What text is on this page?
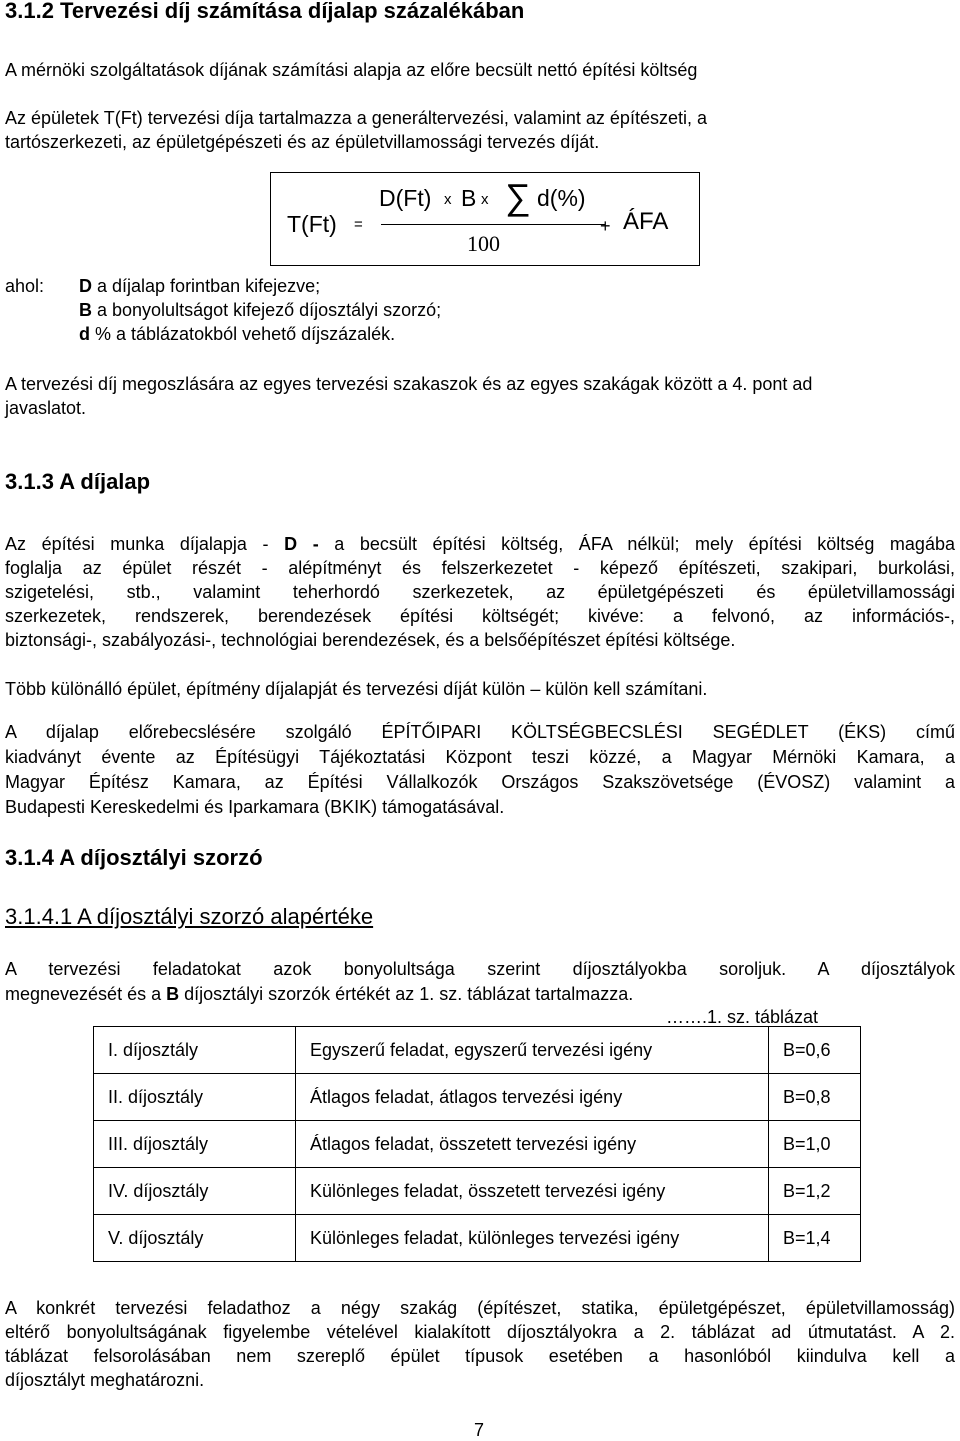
3.1.2 Tervezési díj számítása díjalap százalékában
A mérnöki szolgáltatások díjának számítási alapja az előre becsült nettó építési költség
Az épületek T(Ft) tervezési díja tartalmazza a generáltervezési, valamint az építészeti, a
tartószerkezeti, az épületgépészeti és az épületvillamossági tervezés díját.
T(Ft) =
D(Ft) x B x ∑ d(%)
100
+ ÁFA
ahol: D a díjalap forintban kifejezve;
B a bonyolultságot kifejező díjosztályi szorzó;
d % a táblázatokból vehető díjszázalék.
A tervezési díj megoszlására az egyes tervezési szakaszok és az egyes szakágak között a 4. pont ad
javaslatot.
3.1.3 A díjalap
Az építési munka díjalapja - D - a becsült építési költség, ÁFA nélkül; mely építési költség magába
foglalja az épület részét - alépítményt és felszerkezetet - képező építészeti, szakipari, burkolási,
szigetelési, stb., valamint teherhordó szerkezetek, az épületgépészeti és épületvillamossági
szerkezetek, rendszerek, berendezések építési költségét; kivéve: a felvonó, az információs-,
biztonsági-, szabályozási-, technológiai berendezések, és a belsőépítészet építési költsége.
Több különálló épület, építmény díjalapját és tervezési díját külön – külön kell számítani.
A díjalap előrebecslésére szolgáló ÉPÍTŐIPARI KÖLTSÉGBECSLÉSI SEGÉDLET (ÉKS) című
kiadványt évente az Építésügyi Tájékoztatási Központ teszi közzé, a Magyar Mérnöki Kamara, a
Magyar Építész Kamara, az Építési Vállalkozók Országos Szakszövetsége (ÉVOSZ) valamint a
Budapesti Kereskedelmi és Iparkamara (BKIK) támogatásával.
3.1.4 A díjosztályi szorzó
3.1.4.1 A díjosztályi szorzó alapértéke
A tervezési feladatokat azok bonyolultsága szerint díjosztályokba soroljuk. A díjosztályok
megnevezését és a B díjosztályi szorzók értékét az 1. sz. táblázat tartalmazza.
…….1. sz. táblázat
I. díjosztály	Egyszerű feladat, egyszerű tervezési igény	B=0,6
II. díjosztály	Átlagos feladat, átlagos tervezési igény	B=0,8
III. díjosztály	Átlagos feladat, összetett tervezési igény	B=1,0
IV. díjosztály	Különleges feladat, összetett tervezési igény	B=1,2
V. díjosztály	Különleges feladat, különleges tervezési igény	B=1,4
A konkrét tervezési feladathoz a négy szakág (építészet, statika, épületgépészet, épületvillamosság)
eltérő bonyolultságának figyelembe vételével kialakított díjosztályokra a 2. táblázat ad útmutatást. A 2.
táblázat felsorolásában nem szereplő épület típusok esetében a hasonlóból kiindulva kell a
díjosztályt meghatározni.
7
